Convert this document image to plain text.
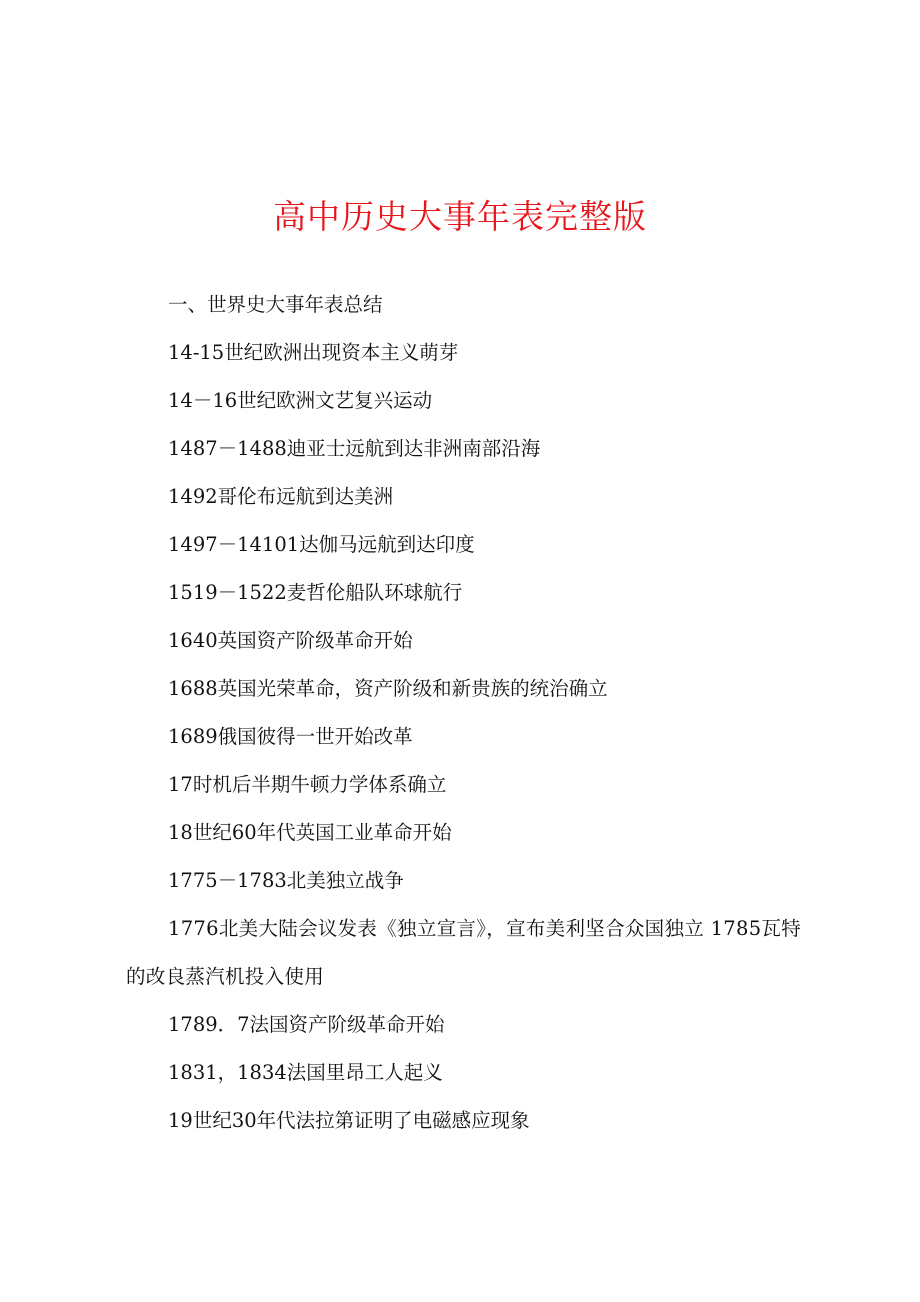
高中历史大事年表完整版
一、世界史大事年表总结
14-15世纪欧洲出现资本主义萌芽
14－16世纪欧洲文艺复兴运动
1487－1488迪亚士远航到达非洲南部沿海
1492哥伦布远航到达美洲
1497－14101达伽马远航到达印度
1519－1522麦哲伦船队环球航行
1640英国资产阶级革命开始
1688英国光荣革命，资产阶级和新贵族的统治确立
1689俄国彼得一世开始改革
17时机后半期牛顿力学体系确立
18世纪60年代英国工业革命开始
1775－1783北美独立战争
1776北美大陆会议发表《独立宣言》，宣布美利坚合众国独立 1785瓦特的改良蒸汽机投入使用
1789．7法国资产阶级革命开始
1831，1834法国里昂工人起义
19世纪30年代法拉第证明了电磁感应现象
